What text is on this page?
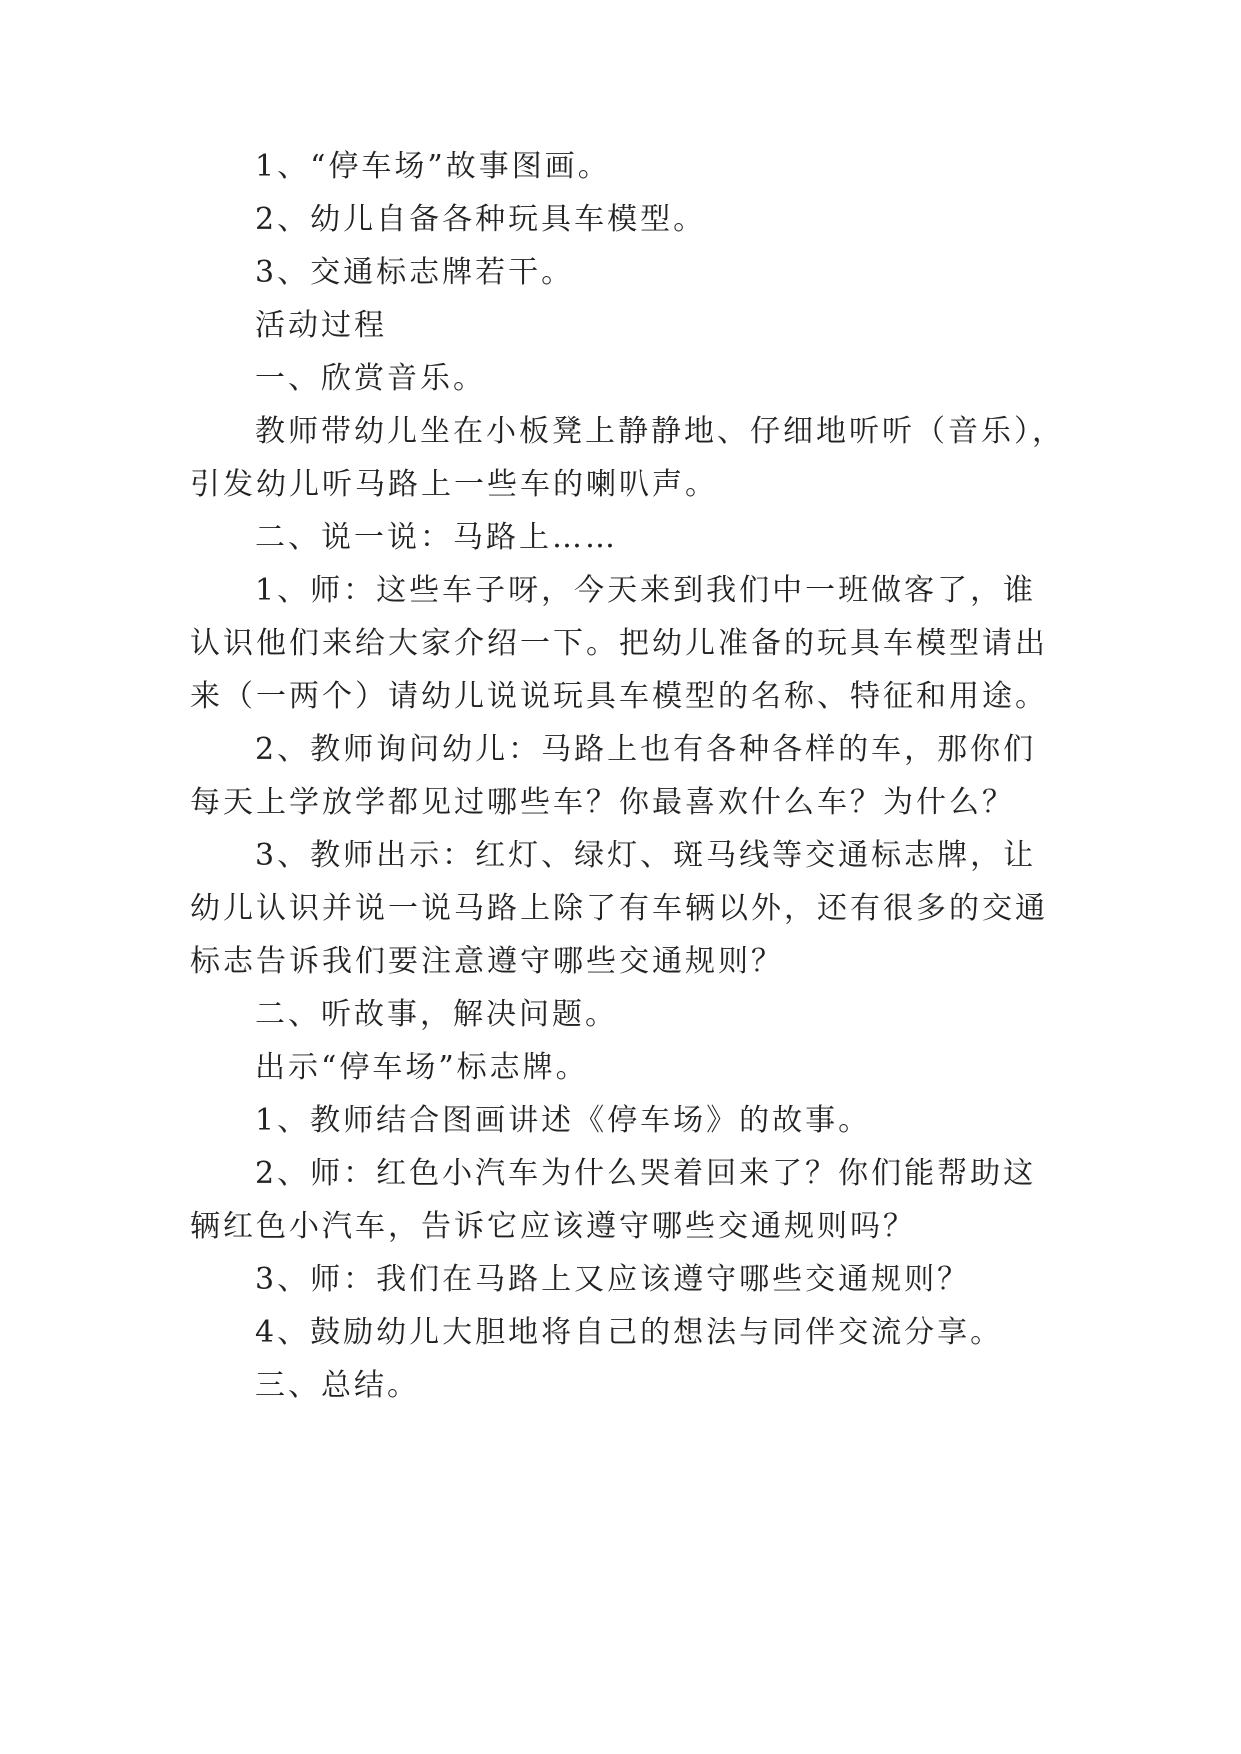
1、“停车场”故事图画。
2、幼儿自备各种玩具车模型。
3、交通标志牌若干。
活动过程
一、欣赏音乐。
教师带幼儿坐在小板凳上静静地、仔细地听听（音乐），
引发幼儿听马路上一些车的喇叭声。
二、说一说：马路上……
1、师：这些车子呀，今天来到我们中一班做客了，谁
认识他们来给大家介绍一下。把幼儿准备的玩具车模型请出
来（一两个）请幼儿说说玩具车模型的名称、特征和用途。
2、教师询问幼儿：马路上也有各种各样的车，那你们
每天上学放学都见过哪些车？你最喜欢什么车？为什么？
3、教师出示：红灯、绿灯、斑马线等交通标志牌，让
幼儿认识并说一说马路上除了有车辆以外，还有很多的交通
标志告诉我们要注意遵守哪些交通规则？
二、听故事，解决问题。
出示“停车场”标志牌。
1、教师结合图画讲述《停车场》的故事。
2、师：红色小汽车为什么哭着回来了？你们能帮助这
辆红色小汽车，告诉它应该遵守哪些交通规则吗？
3、师：我们在马路上又应该遵守哪些交通规则？
4、鼓励幼儿大胆地将自己的想法与同伴交流分享。
三、总结。
